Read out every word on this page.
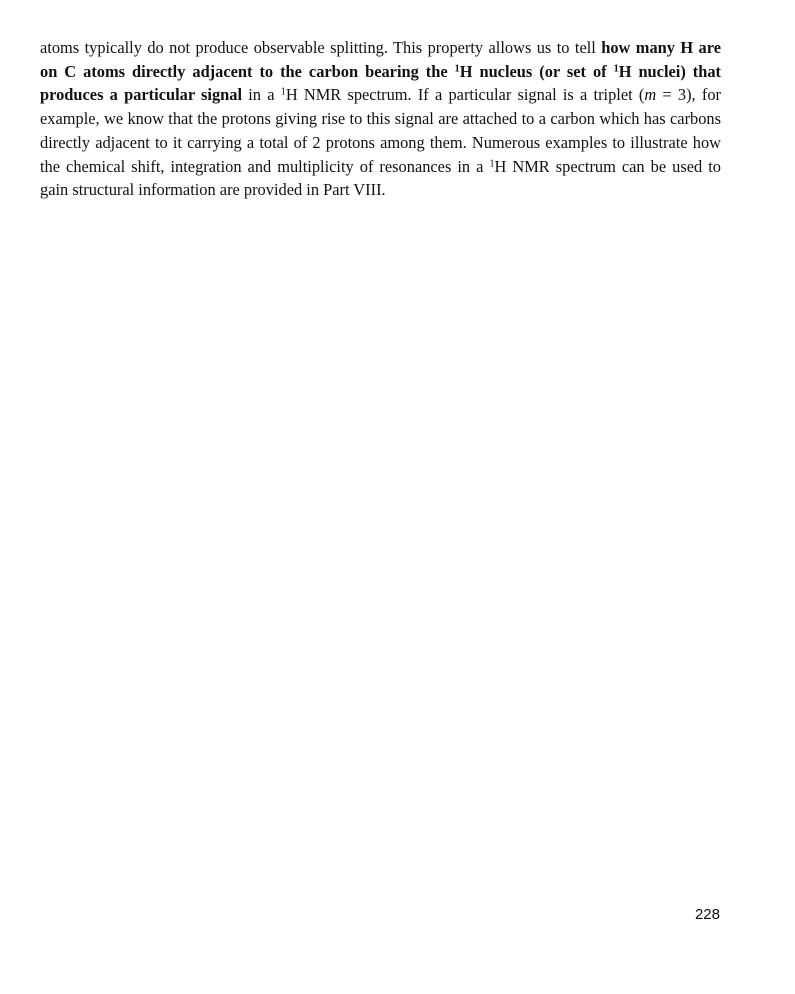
atoms typically do not produce observable splitting. This property allows us to tell how many H are on C atoms directly adjacent to the carbon bearing the $^1$H nucleus (or set of $^1$H nuclei) that produces a particular signal in a $^1$H NMR spectrum. If a particular signal is a triplet (m = 3), for example, we know that the protons giving rise to this signal are attached to a carbon which has carbons directly adjacent to it carrying a total of 2 protons among them. Numerous examples to illustrate how the chemical shift, integration and multiplicity of resonances in a $^1$H NMR spectrum can be used to gain structural information are provided in Part VIII.

228
